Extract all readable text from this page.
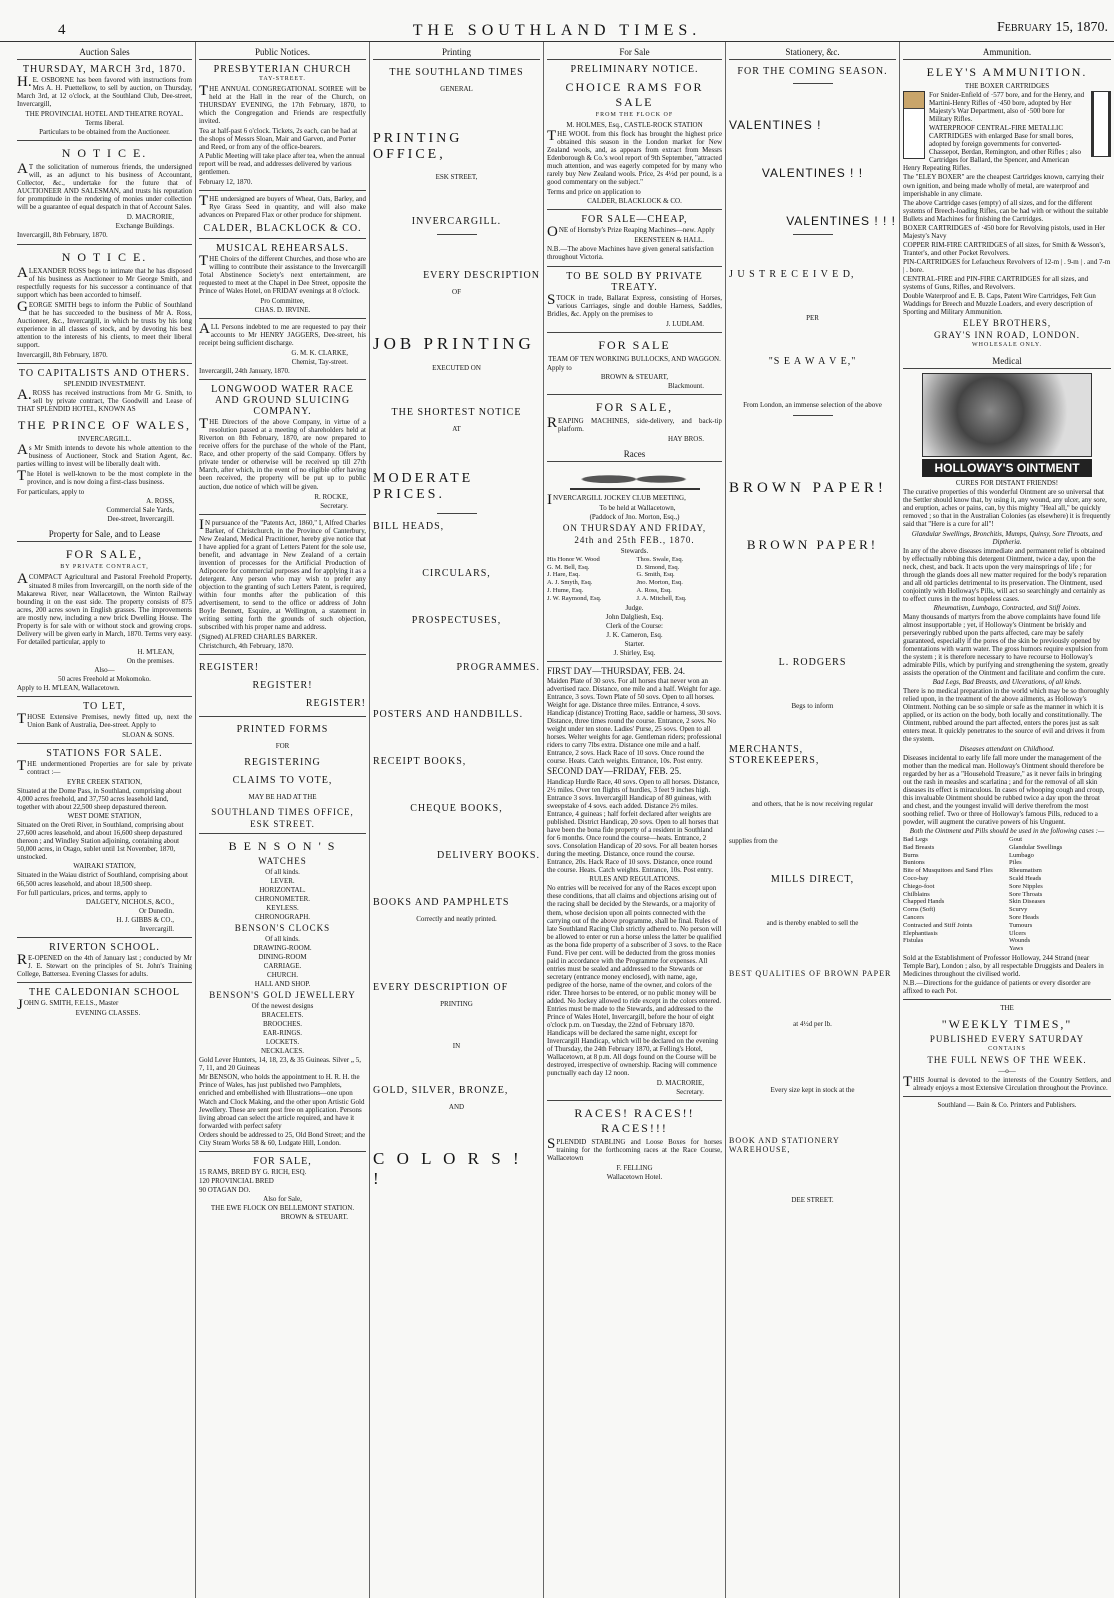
4	THE SOUTHLAND TIMES.	February 15, 1870.
Auction Sales
THURSDAY, MARCH 3rd, 1870.
H.E. OSBORNE has been favored with instructions from Mrs A. H. Puettelkow, to sell by auction, on Thursday, March 3rd, at 12 o'clock, at the Southland Club, Dee-street, Invercargill,
THE PROVINCIAL HOTEL AND THEATRE ROYAL.
Terms liberal.
Particulars to be obtained from the Auctioneer.
N O T I C E.
AT the solicitation of numerous friends, the undersigned will, as an adjunct to his business of Accountant, Collector, &c., undertake for the future that of AUCTIONEER AND SALESMAN, and trusts his reputation for promptitude in the rendering of monies under collection will be a guarantee of equal despatch in that of Account Sales.
D. MACRORIE,
Exchange Buildings.
Invercargill, 8th February, 1870.
N O T I C E.
ALEXANDER ROSS begs to intimate that he has disposed of his business as Auctioneer to Mr George Smith, and respectfully requests for his successor a continuance of that support which has been accorded to himself.
GEORGE SMITH begs to inform the Public of Southland that he has succeeded to the business of Mr A. Ross, Auctioneer, &c., Invercargill, in which he trusts by his long experience in all classes of stock, and by devoting his best attention to the interests of his clients, to meet their liberal support.
Invercargill, 8th February, 1870.
TO CAPITALISTS AND OTHERS.
SPLENDID INVESTMENT.
A.ROSS has received instructions from Mr G. Smith, to sell by private contract, The Goodwill and Lease of THAT SPLENDID HOTEL, KNOWN AS
THE PRINCE OF WALES,
INVERCARGILL.
As Mr Smith intends to devote his whole attention to the business of Auctioneer, Stock and Station Agent, &c. parties willing to invest will be liberally dealt with.
The Hotel is well-known to be the most complete in the province, and is now doing a first-class business.
For particulars, apply to
A. ROSS,
Commercial Sale Yards,
Dee-street, Invercargill.
Property for Sale, and to Lease
FOR SALE,
BY PRIVATE CONTRACT,
ACOMPACT Agricultural and Pastoral Freehold Property, situated 8 miles from Invercargill, on the north side of the Makarewa River, near Wallacetown, the Winton Railway bounding it on the east side. The property consists of 875 acres, 200 acres sown in English grasses. The improvements are mostly new, including a new brick Dwelling House. The Property is for sale with or without stock and growing crops. Delivery will be given early in March, 1870. Terms very easy. For detailed particular, apply to
H. M'LEAN,
On the premises.
Also—
50 acres Freehold at Mokomoko.
Apply to H. M'LEAN, Wallacetown.
TO LET,
THOSE Extensive Premises, newly fitted up, next the Union Bank of Australia, Dee-street. Apply to
SLOAN & SONS.
STATIONS FOR SALE.
THE undermentioned Properties are for sale by private contract :—
EYRE CREEK STATION,
Situated at the Dome Pass, in Southland, comprising about 4,000 acres freehold, and 37,750 acres leasehold land, together with about 22,500 sheep depastured thereon.
WEST DOME STATION,
Situated on the Oreti River, in Southland, comprising about 27,600 acres leasehold, and about 16,600 sheep depastured thereon ; and Windley Station adjoining, containing about 50,000 acres, in Otago, sublet until 1st November, 1870, unstocked.
WAIRAKI STATION,
Situated in the Waiau district of Southland, comprising about 66,500 acres leasehold, and about 18,500 sheep.
For full particulars, prices, and terms, apply to
DALGETY, NICHOLS, &CO.,
Or Dunedin.
H. J. GIBBS & CO.,
Invercargill.
RIVERTON SCHOOL.
RE-OPENED on the 4th of January last ; conducted by Mr J. E. Stewart on the principles of St. John's Training College, Battersea. Evening Classes for adults.
THE CALEDONIAN SCHOOL
JOHN G. SMITH, F.E.I.S., Master
EVENING CLASSES.
Public Notices.
PRESBYTERIAN CHURCH
TAY-STREET.
THE ANNUAL CONGREGATIONAL SOIREE will be held at the Hall in the rear of the Church, on THURSDAY EVENING, the 17th February, 1870, to which the Congregation and Friends are respectfully invited.
Tea at half-past 6 o'clock. Tickets, 2s each, can be had at the shops of Messrs Sloan, Mair and Garven, and Porter and Reed, or from any of the office-bearers.
A Public Meeting will take place after tea, when the annual report will be read, and addresses delivered by various gentlemen.
February 12, 1870.
THE undersigned are buyers of Wheat, Oats, Barley, and Rye Grass Seed in quantity, and will also make advances on Prepared Flax or other produce for shipment.
CALDER, BLACKLOCK & CO.
MUSICAL REHEARSALS.
THE Choirs of the different Churches, and those who are willing to contribute their assistance to the Invercargill Total Abstinence Society's next entertainment, are requested to meet at the Chapel in Dee Street, opposite the Prince of Wales Hotel, on FRIDAY evenings at 8 o'clock.
Pro Committee,
CHAS. D. IRVINE.
ALL Persons indebted to me are requested to pay their accounts to Mr HENRY JAGGERS, Dee-street, his receipt being sufficient discharge.
G. M. K. CLARKE,
Chemist, Tay-street.
Invercargill, 24th January, 1870.
LONGWOOD WATER RACE AND GROUND SLUICING COMPANY.
THE Directors of the above Company, in virtue of a resolution passed at a meeting of shareholders held at Riverton on 8th February, 1870, are now prepared to receive offers for the purchase of the whole of the Plant, Race, and other property of the said Company. Offers by private tender or otherwise will be received up till 27th March, after which, in the event of no eligible offer having been received, the property will be put up to public auction, due notice of which will be given.
R. ROCKE,
Secretary.
IN pursuance of the "Patents Act, 1860," I, Alfred Charles Barker, of Christchurch, in the Province of Canterbury, New Zealand, Medical Practitioner, hereby give notice that I have applied for a grant of Letters Patent for the sole use, benefit, and advantage in New Zealand of a certain invention of processes for the Artificial Production of Adipocere for commercial purposes and for applying it as a detergent. Any person who may wish to prefer any objection to the granting of such Letters Patent, is required, within four months after the publication of this advertisement, to send to the office or address of John Boyle Bennett, Esquire, at Wellington, a statement in writing setting forth the grounds of such objection, subscribed with his proper name and address.
(Signed) ALFRED CHARLES BARKER.
Christchurch, 4th February, 1870.
REGISTER!
REGISTER!
REGISTER!
PRINTED FORMS
FOR
REGISTERING
CLAIMS TO VOTE,
MAY BE HAD AT THE
SOUTHLAND TIMES OFFICE,
ESK STREET.
B E N S O N ' S
WATCHES
Of all kinds.
LEVER.
HORIZONTAL.
CHRONOMETER.
KEYLESS.
CHRONOGRAPH.
BENSON'S CLOCKS
Of all kinds.
DRAWING-ROOM.
DINING-ROOM
CARRIAGE.
CHURCH.
HALL AND SHOP.
BENSON'S GOLD JEWELLERY
Of the newest designs
BRACELETS.
BROOCHES.
EAR-RINGS.
LOCKETS.
NECKLACES.
Gold Lever Hunters, 14, 18, 23, & 35 Guineas. Silver „ 5, 7, 11, and 20 Guineas
Mr BENSON, who holds the appointment to H. R. H. the Prince of Wales, has just published two Pamphlets, enriched and embellished with Illustrations—one upon Watch and Clock Making, and the other upon Artistic Gold Jewellery. These are sent post free on application. Persons living abroad can select the article required, and have it forwarded with perfect safety
Orders should be addressed to 25, Old Bond Street; and the City Steam Works 58 & 60, Ludgate Hill, London.
FOR SALE,
15 RAMS, BRED BY G. RICH, ESQ.
120 PROVINCIAL BRED
90 OTAGAN DO.
Also for Sale,
THE EWE FLOCK ON BELLEMONT STATION.
BROWN & STEUART.
Printing
THE SOUTHLAND TIMES
GENERAL
PRINTING OFFICE,
ESK STREET,
INVERCARGILL.
EVERY DESCRIPTION
OF
JOB PRINTING
EXECUTED ON
THE SHORTEST NOTICE
AT
MODERATE PRICES.
BILL HEADS,
CIRCULARS,
PROSPECTUSES,
PROGRAMMES.
POSTERS AND HANDBILLS.
RECEIPT BOOKS,
CHEQUE BOOKS,
DELIVERY BOOKS.
BOOKS AND PAMPHLETS
Correctly and neatly printed.
EVERY DESCRIPTION OF
PRINTING
IN
GOLD, SILVER, BRONZE,
AND
C O L O R S ! !
For Sale
PRELIMINARY NOTICE.
CHOICE RAMS FOR SALE
FROM THE FLOCK OF
M. HOLMES, Esq., CASTLE-ROCK STATION
THE WOOL from this flock has brought the highest price obtained this season in the London market for New Zealand wools, and, as appears from extract from Messrs Edenborough & Co.'s wool report of 9th September, "attracted much attention, and was eagerly competed for by many who rarely buy New Zealand wools. Price, 2s 4½d per pound, is a good commentary on the subject."
Terms and price on application to
CALDER, BLACKLOCK & CO.
FOR SALE—CHEAP,
ONE of Hornsby's Prize Reaping Machines—new. Apply
EKENSTEEN & HALL.
N.B.—The above Machines have given general satisfaction throughout Victoria.
TO BE SOLD BY PRIVATE TREATY.
STOCK in trade, Ballarat Express, consisting of Horses, various Carriages, single and double Harness, Saddles, Bridles, &c. Apply on the premises to
J. LUDLAM.
FOR SALE
TEAM OF TEN WORKING BULLOCKS, AND WAGGON.
Apply to
BROWN & STEUART,
Blackmount.
FOR SALE,
REAPING MACHINES, side-delivery, and back-tip platform.
HAY BROS.
Races
INVERCARGILL JOCKEY CLUB MEETING,
To be held at Wallacetown,
(Paddock of Jno. Morton, Esq.,)
ON THURSDAY AND FRIDAY,
24th and 25th FEB., 1870.
Stewards.
His Honor W. Wood
G. M. Bell, Esq.
J. Hare, Esq.
A. J. Smyth, Esq.
J. Hume, Esq.
J. W. Raymond, Esq.
Thos. Swale, Esq.
D. Simond, Esq.
G. Smith, Esq.
Jno. Morton, Esq.
A. Ross, Esq.
J. A. Mitchell, Esq.
Judge.
John Dalgliesh, Esq.
Clerk of the Course:
J. K. Cameron, Esq.
Starter.
J. Shirley, Esq.
FIRST DAY—THURSDAY, FEB. 24.
Maiden Plate of 30 sovs. For all horses that never won an advertised race. Distance, one mile and a half. Weight for age. Entrance, 3 sovs. Town Plate of 50 sovs. Open to all horses. Weight for age. Distance three miles. Entrance, 4 sovs. Handicap (distance) Trotting Race, saddle or harness, 30 sovs. Distance, three times round the course. Entrance, 2 sovs. No weight under ten stone. Ladies' Purse, 25 sovs. Open to all horses. Welter weights for age. Gentleman riders; professional riders to carry 7lbs extra. Distance one mile and a half. Entrance, 2 sovs. Hack Race of 10 sovs. Once round the course. Heats. Catch weights. Entrance, 10s. Post entry.
SECOND DAY—FRIDAY, FEB. 25.
Handicap Hurdle Race, 40 sovs. Open to all horses. Distance, 2½ miles. Over ten flights of hurdles, 3 feet 9 inches high. Entrance 3 sovs. Invercargill Handicap of 80 guineas, with sweepstake of 4 sovs. each added. Distance 2½ miles. Entrance, 4 guineas ; half forfeit declared after weights are published. District Handicap, 20 sovs. Open to all horses that have been the bona fide property of a resident in Southland for 6 months. Once round the course—heats. Entrance, 2 sovs. Consolation Handicap of 20 sovs. For all beaten horses during the meeting. Distance, once round the course. Entrance, 20s. Hack Race of 10 sovs. Distance, once round the course. Heats. Catch weights. Entrance, 10s. Post entry.
RULES AND REGULATIONS.
No entries will be received for any of the Races except upon these conditions, that all claims and objections arising out of the racing shall be decided by the Stewards, or a majority of them, whose decision upon all points connected with the carrying out of the above programme, shall be final. Rules of late Southland Racing Club strictly adhered to. No person will be allowed to enter or run a horse unless the latter be qualified as the bona fide property of a subscriber of 3 sovs. to the Race Fund. Five per cent. will be deducted from the gross monies paid in accordance with the Programme for expenses. All entries must be sealed and addressed to the Stewards or secretary (entrance money enclosed), with name, age, pedigree of the horse, name of the owner, and colors of the rider. Three horses to be entered, or no public money will be added. No Jockey allowed to ride except in the colors entered. Entries must be made to the Stewards, and addressed to the Prince of Wales Hotel, Invercargill, before the hour of eight o'clock p.m. on Tuesday, the 22nd of February 1870. Handicaps will be declared the same night, except for Invercargill Handicap, which will be declared on the evening of Thursday, the 24th February 1870, at Felling's Hotel, Wallacetown, at 8 p.m. All dogs found on the Course will be destroyed, irrespective of ownership. Racing will commence punctually each day 12 noon.
D. MACRORIE,
Secretary.
RACES! RACES!! RACES!!!
SPLENDID STABLING and Loose Boxes for horses training for the forthcoming races at the Race Course, Wallacetown
F. FELLING
Wallacetown Hotel.
Stationery, &c.
FOR THE COMING SEASON.
VALENTINES !
VALENTINES ! !
VALENTINES ! ! !
J U S T R E C E I V E D,
PER
"S E A W A V E,"
From London, an immense selection of the above
BROWN PAPER!
BROWN PAPER!
L. RODGERS
Begs to inform
MERCHANTS, STOREKEEPERS,
and others, that he is now receiving regular
supplies from the
MILLS DIRECT,
and is thereby enabled to sell the
BEST QUALITIES OF BROWN PAPER
at 4½d per lb.
Every size kept in stock at the
BOOK AND STATIONERY WAREHOUSE,
DEE STREET.
Ammunition.
ELEY'S AMMUNITION.
THE BOXER CARTRIDGES
For Snider-Enfield of ·577 bore, and for the Henry, and Martini-Henry Rifles of ·450 bore, adopted by Her Majesty's War Department, also of ·500 bore for Military Rifles.
WATERPROOF CENTRAL-FIRE METALLIC CARTRIDGES with enlarged Base for small bores, adopted by foreign governments for converted-Chassepot, Berdan, Remington, and other Rifles ; also Cartridges for Ballard, the Spencer, and American Henry Repeating Rifles.
The "ELEY BOXER" are the cheapest Cartridges known, carrying their own ignition, and being made wholly of metal, are waterproof and imperishable in any climate.
The above Cartridge cases (empty) of all sizes, and for the different systems of Breech-loading Rifles, can be had with or without the suitable Bullets and Machines for finishing the Cartridges.
BOXER CARTRIDGES of ·450 bore for Revolving pistols, used in Her Majesty's Navy
COPPER RIM-FIRE CARTRIDGES of all sizes, for Smith & Wesson's, Tranter's, and other Pocket Revolvers.
PIN-CARTRIDGES for Lefaucheux Revolvers of 12-m | . 9-m | . and 7-m | . bore.
CENTRAL-FIRE and PIN-FIRE CARTRIDGES for all sizes, and systems of Guns, Rifles, and Revolvers.
Double Waterproof and E. B. Caps, Patent Wire Cartridges, Felt Gun Waddings for Breech and Muzzle Loaders, and every description of Sporting and Military Ammunition.
ELEY BROTHERS,
GRAY'S INN ROAD, LONDON.
WHOLESALE ONLY.
Medical
HOLLOWAY'S OINTMENT
CURES FOR DISTANT FRIENDS!
The curative properties of this wonderful Ointment are so universal that the Settler should know that, by using it, any wound, any ulcer, any sore, and eruption, aches or pains, can, by this mighty "Heal all," be quickly removed ; so that in the Australian Colonies (as elsewhere) it is frequently said that "Here is a cure for all"!
Glandular Swellings, Bronchitis, Mumps, Quinsy, Sore Throats, and Diptheria.
In any of the above diseases immediate and permanent relief is obtained by effectually rubbing this detergent Ointment, twice a day, upon the neck, chest, and back. It acts upon the very mainsprings of life ; for through the glands does all new matter required for the body's reparation and all old particles detrimental to its preservation. The Ointment, used conjointly with Holloway's Pills, will act so searchingly and certainly as to effect cures in the most hopeless cases.
Rheumatism, Lumbago, Contracted, and Stiff Joints.
Many thousands of martyrs from the above complaints have found life almost insupportable ; yet, if Holloway's Ointment be briskly and perseveringly rubbed upon the parts affected, care may be safely guaranteed, especially if the pores of the skin be previously opened by fomentations with warm water. The gross humors require expulsion from the system ; it is therefore necessary to have recourse to Holloway's admirable Pills, which by purifying and strengthening the system, greatly assists the operation of the Ointment and facilitate and confirm the cure.
Bad Legs, Bad Breasts, and Ulcerations, of all kinds.
There is no medical preparation in the world which may be so thoroughly relied upon, in the treatment of the above ailments, as Holloway's Ointment. Nothing can be so simple or safe as the manner in which it is applied, or its action on the body, both locally and constitutionally. The Ointment, rubbed around the part affected, enters the pores just as salt enters meat. It quickly penetrates to the source of evil and drives it from the system.
Diseases attendant on Childhood.
Diseases incidental to early life fall more under the management of the mother than the medical man. Holloway's Ointment should therefore be regarded by her as a "Household Treasure," as it never fails in bringing out the rash in measles and scarlatina ; and for the removal of all skin diseases its effect is miraculous. In cases of whooping cough and croup, this invaluable Ointment should be rubbed twice a day upon the throat and chest, and the youngest invalid will derive therefrom the most soothing relief. Two or three of Holloway's famous Pills, reduced to a powder, will augment the curative powers of his Unguent.
Both the Ointment and Pills should be used in the following cases :—
Bad Legs
Bad Breasts
Burns
Bunions
Bite of Musquitoes and Sand Flies
Coco-bay
Chiego-foot
Chilblains
Chapped Hands
Corns (Soft)
Cancers
Contracted and Stiff Joints
Elephantiasis
Fistulas
Gout
Glandular Swellings
Lumbago
Piles
Rheumatism
Scald Heads
Sore Nipples
Sore Throats
Skin Diseases
Scurvy
Sore Heads
Tumours
Ulcers
Wounds
Yaws
Sold at the Establishment of Professor Holloway, 244 Strand (near Temple Bar), London ; also, by all respectable Druggists and Dealers in Medicines throughout the civilised world.
N.B.—Directions for the guidance of patients or every disorder are affixed to each Pot.
THE
"WEEKLY TIMES,"
PUBLISHED EVERY SATURDAY
CONTAINS
THE FULL NEWS OF THE WEEK.
—o—
THIS Journal is devoted to the interests of the Country Settlers, and already enjoys a most Extensive Circulation throughout the Province.
Southland — Bain & Co. Printers and Publishers.
